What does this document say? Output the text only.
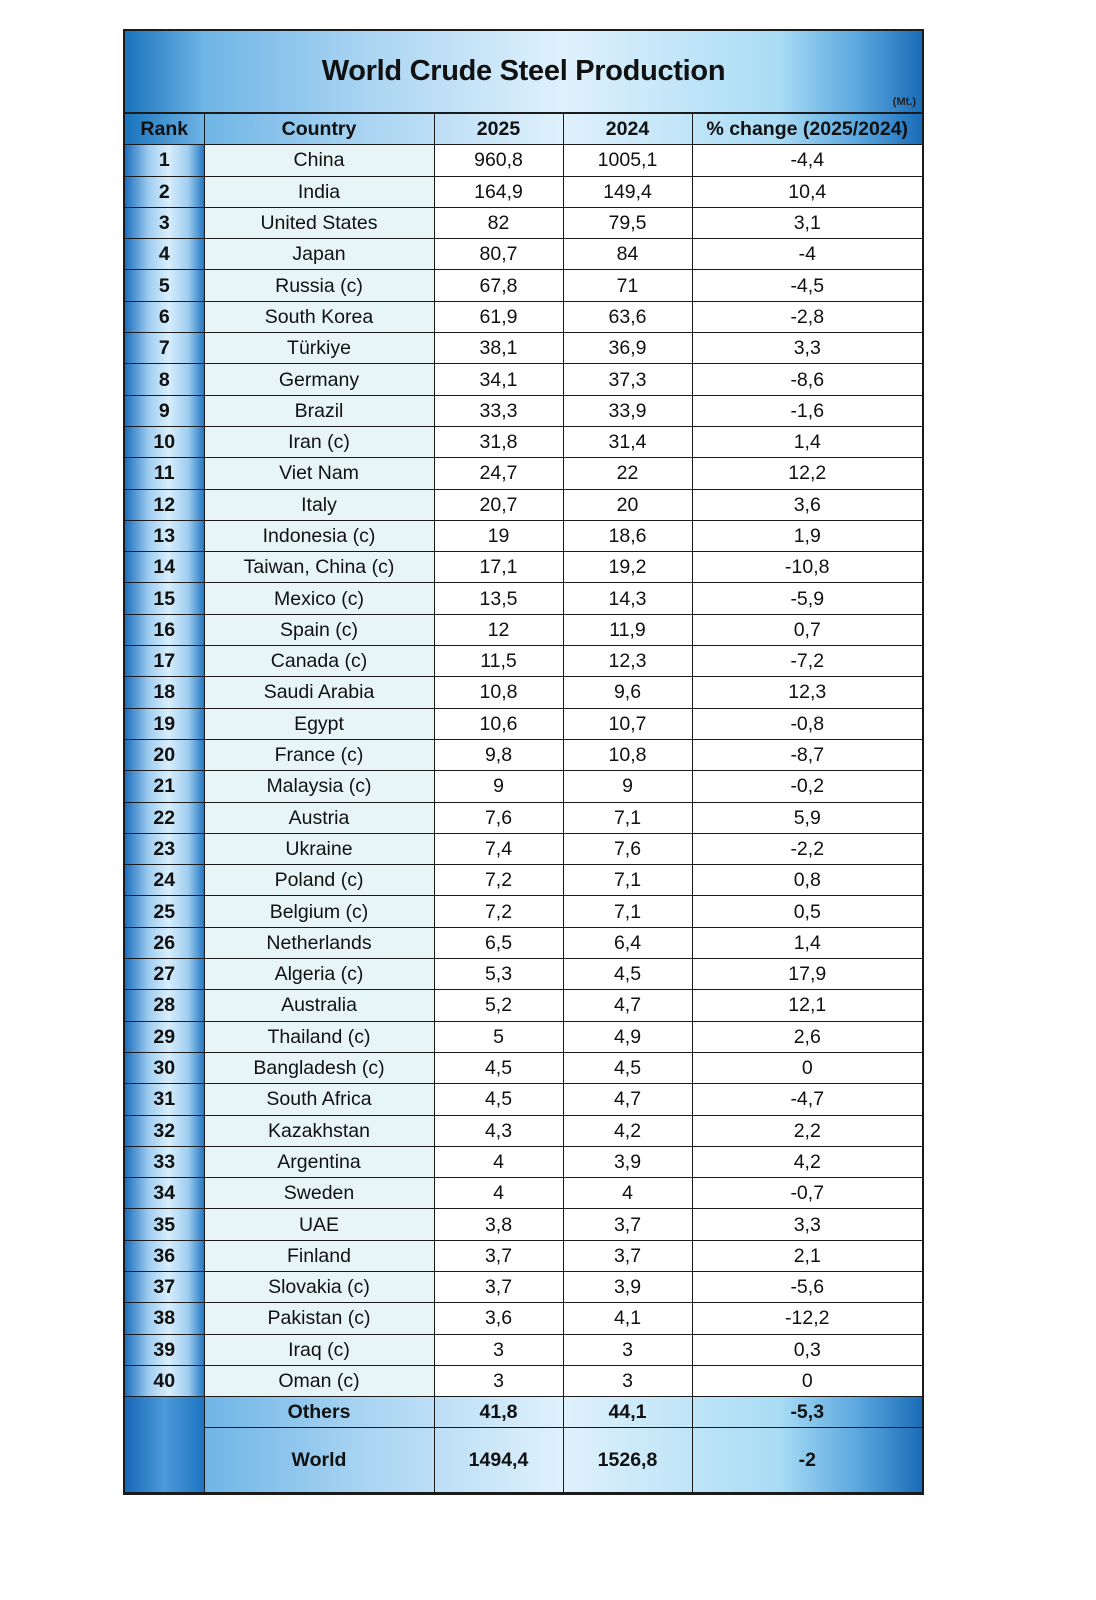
World Crude Steel Production
(Mt.)
Rank	Country	2025	2024	% change (2025/2024)
1	China	960,8	1005,1	-4,4
2	India	164,9	149,4	10,4
3	United States	82	79,5	3,1
4	Japan	80,7	84	-4
5	Russia (c)	67,8	71	-4,5
6	South Korea	61,9	63,6	-2,8
7	Türkiye	38,1	36,9	3,3
8	Germany	34,1	37,3	-8,6
9	Brazil	33,3	33,9	-1,6
10	Iran (c)	31,8	31,4	1,4
11	Viet Nam	24,7	22	12,2
12	Italy	20,7	20	3,6
13	Indonesia (c)	19	18,6	1,9
14	Taiwan, China (c)	17,1	19,2	-10,8
15	Mexico (c)	13,5	14,3	-5,9
16	Spain (c)	12	11,9	0,7
17	Canada (c)	11,5	12,3	-7,2
18	Saudi Arabia	10,8	9,6	12,3
19	Egypt	10,6	10,7	-0,8
20	France (c)	9,8	10,8	-8,7
21	Malaysia (c)	9	9	-0,2
22	Austria	7,6	7,1	5,9
23	Ukraine	7,4	7,6	-2,2
24	Poland (c)	7,2	7,1	0,8
25	Belgium (c)	7,2	7,1	0,5
26	Netherlands	6,5	6,4	1,4
27	Algeria (c)	5,3	4,5	17,9
28	Australia	5,2	4,7	12,1
29	Thailand (c)	5	4,9	2,6
30	Bangladesh (c)	4,5	4,5	0
31	South Africa	4,5	4,7	-4,7
32	Kazakhstan	4,3	4,2	2,2
33	Argentina	4	3,9	4,2
34	Sweden	4	4	-0,7
35	UAE	3,8	3,7	3,3
36	Finland	3,7	3,7	2,1
37	Slovakia (c)	3,7	3,9	-5,6
38	Pakistan (c)	3,6	4,1	-12,2
39	Iraq (c)	3	3	0,3
40	Oman (c)	3	3	0
	Others	41,8	44,1	-5,3
	World	1494,4	1526,8	-2
